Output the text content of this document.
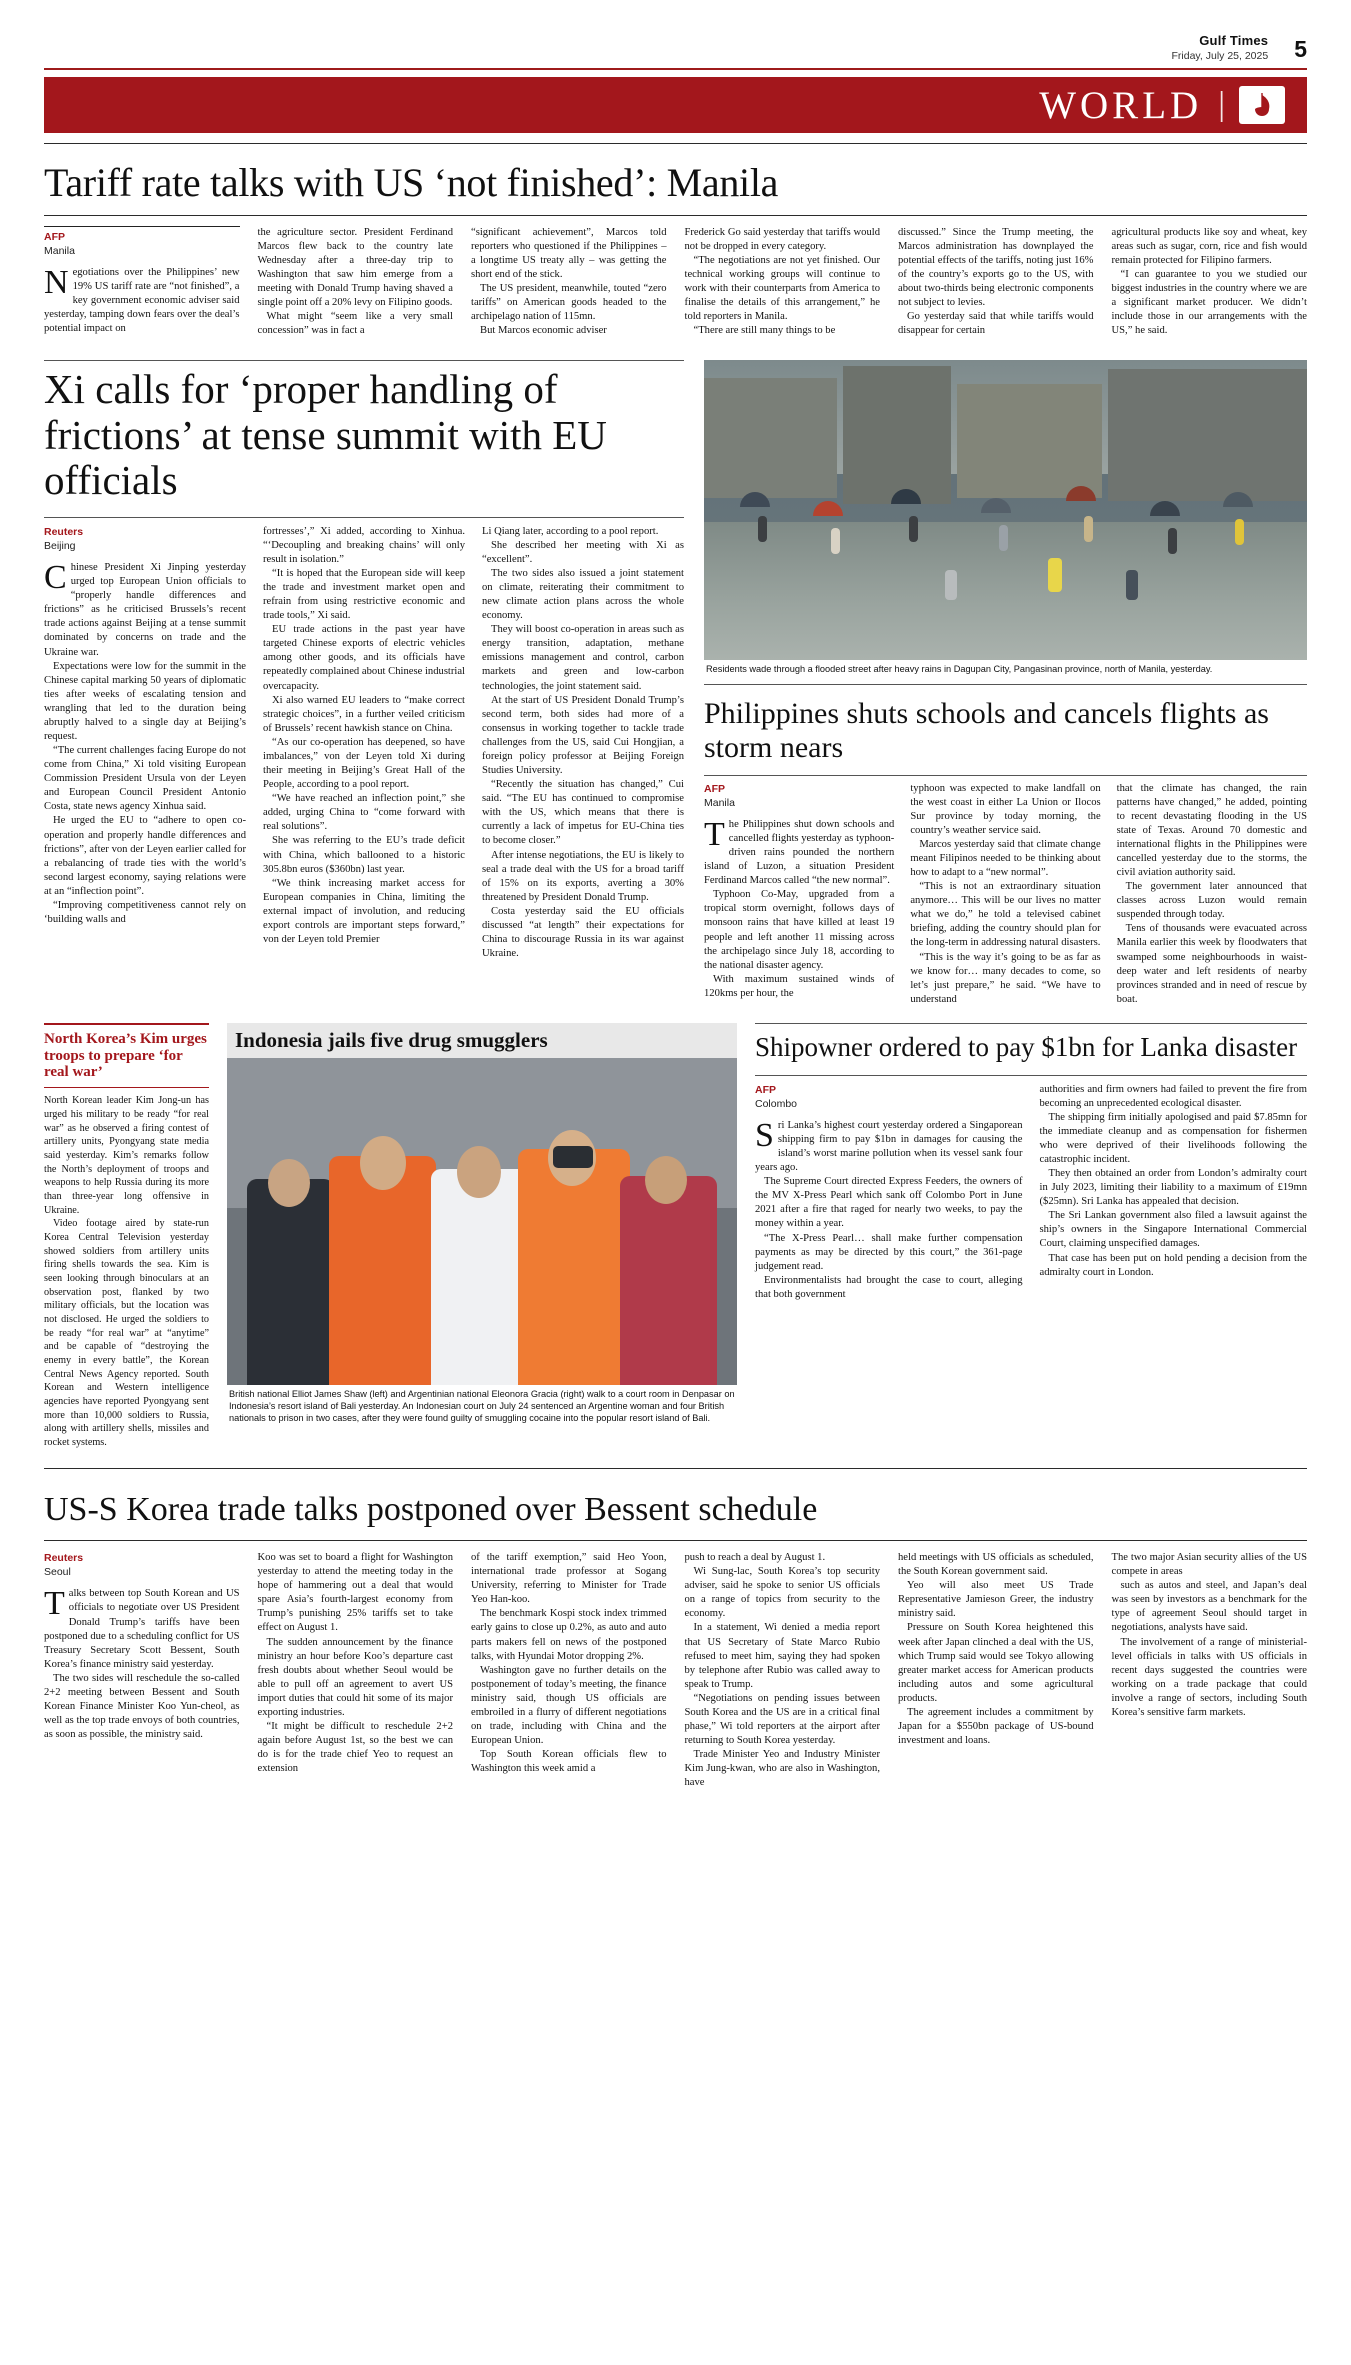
Gulf Times
Friday, July 25, 2025 5
WORLD |
Tariff rate talks with US ‘not finished’: Manila
AFP
Manila

Negotiations over the Philippines’ new 19% US tariff rate are “not finished”, a key government economic adviser said yesterday, tamping down fears over the deal’s potential impact on

the agriculture sector. President Ferdinand Marcos flew back to the country late Wednesday after a three-day trip to Washington that saw him emerge from a meeting with Donald Trump having shaved a single point off a 20% levy on Filipino goods.

What might “seem like a very small concession” was in fact a

“significant achievement”, Marcos told reporters who questioned if the Philippines – a longtime US treaty ally – was getting the short end of the stick.

The US president, meanwhile, touted “zero tariffs” on American goods headed to the archipelago nation of 115mn.

But Marcos economic adviser

Frederick Go said yesterday that tariffs would not be dropped in every category.

“The negotiations are not yet finished. Our technical working groups will continue to work with their counterparts from America to finalise the details of this arrangement,” he told reporters in Manila.

“There are still many things to be

discussed.” Since the Trump meeting, the Marcos administration has downplayed the potential effects of the tariffs, noting just 16% of the country’s exports go to the US, with about two-thirds being electronic components not subject to levies.

Go yesterday said that while tariffs would disappear for certain

agricultural products like soy and wheat, key areas such as sugar, corn, rice and fish would remain protected for Filipino farmers.

“I can guarantee to you we studied our biggest industries in the country where we are a significant market producer. We didn’t include those in our arrangements with the US,” he said.

Xi calls for ‘proper handling of frictions’ at tense summit with EU officials
Reuters
Beijing

Chinese President Xi Jinping yesterday urged top European Union officials to “properly handle differences and frictions” as he criticised Brussels’s recent trade actions against Beijing at a tense summit dominated by concerns on trade and the Ukraine war.

Expectations were low for the summit in the Chinese capital marking 50 years of diplomatic ties after weeks of escalating tension and wrangling that led to the duration being abruptly halved to a single day at Beijing’s request.

“The current challenges facing Europe do not come from China,” Xi told visiting European Commission President Ursula von der Leyen and European Council President Antonio Costa, state news agency Xinhua said.

He urged the EU to “adhere to open co-operation and properly handle differences and frictions”, after von der Leyen earlier called for a rebalancing of trade ties with the world’s second largest economy, saying relations were at an “inflection point”.

“Improving competitiveness cannot rely on ‘building walls and

fortresses’,” Xi added, according to Xinhua. “‘Decoupling and breaking chains’ will only result in isolation.”

“It is hoped that the European side will keep the trade and investment market open and refrain from using restrictive economic and trade tools,” Xi said.

EU trade actions in the past year have targeted Chinese exports of electric vehicles among other goods, and its officials have repeatedly complained about Chinese industrial overcapacity.

Xi also warned EU leaders to “make correct strategic choices”, in a further veiled criticism of Brussels’ recent hawkish stance on China.

“As our co-operation has deepened, so have imbalances,” von der Leyen told Xi during their meeting in Beijing’s Great Hall of the People, according to a pool report.

“We have reached an inflection point,” she added, urging China to “come forward with real solutions”.

She was referring to the EU’s trade deficit with China, which ballooned to a historic 305.8bn euros ($360bn) last year.

“We think increasing market access for European companies in China, limiting the external impact of involution, and reducing export controls are important steps forward,” von der Leyen told Premier

Li Qiang later, according to a pool report.

She described her meeting with Xi as “excellent”.

The two sides also issued a joint statement on climate, reiterating their commitment to new climate action plans across the whole economy.

They will boost co-operation in areas such as energy transition, adaptation, methane emissions management and control, carbon markets and green and low-carbon technologies, the joint statement said.

At the start of US President Donald Trump’s second term, both sides had more of a consensus in working together to tackle trade challenges from the US, said Cui Hongjian, a foreign policy professor at Beijing Foreign Studies University.

“Recently the situation has changed,” Cui said. “The EU has continued to compromise with the US, which means that there is currently a lack of impetus for EU-China ties to become closer.”

After intense negotiations, the EU is likely to seal a trade deal with the US for a broad tariff of 15% on its exports, averting a 30% threatened by President Donald Trump.

Costa yesterday said the EU officials discussed “at length” their expectations for China to discourage Russia in its war against Ukraine.

Residents wade through a flooded street after heavy rains in Dagupan City, Pangasinan province, north of Manila, yesterday.
Philippines shuts schools and cancels flights as storm nears
AFP
Manila

The Philippines shut down schools and cancelled flights yesterday as typhoon-driven rains pounded the northern island of Luzon, a situation President Ferdinand Marcos called “the new normal”.

Typhoon Co-May, upgraded from a tropical storm overnight, follows days of monsoon rains that have killed at least 19 people and left another 11 missing across the archipelago since July 18, according to the national disaster agency.

With maximum sustained winds of 120kms per hour, the

typhoon was expected to make landfall on the west coast in either La Union or Ilocos Sur province by today morning, the country’s weather service said.

Marcos yesterday said that climate change meant Filipinos needed to be thinking about how to adapt to a “new normal”.

“This is not an extraordinary situation anymore… This will be our lives no matter what we do,” he told a televised cabinet briefing, adding the country should plan for the long-term in addressing natural disasters.

“This is the way it’s going to be as far as we know for… many decades to come, so let’s just prepare,” he said. “We have to understand

that the climate has changed, the rain patterns have changed,” he added, pointing to recent devastating flooding in the US state of Texas. Around 70 domestic and international flights in the Philippines were cancelled yesterday due to the storms, the civil aviation authority said.

The government later announced that classes across Luzon would remain suspended through today.

Tens of thousands were evacuated across Manila earlier this week by floodwaters that swamped some neighbourhoods in waist-deep water and left residents of nearby provinces stranded and in need of rescue by boat.

North Korea’s Kim urges troops to prepare ‘for real war’

North Korean leader Kim Jong-un has urged his military to be ready “for real war” as he observed a firing contest of artillery units, Pyongyang state media said yesterday. Kim’s remarks follow the North’s deployment of troops and weapons to help Russia during its more than three-year long offensive in Ukraine.

Video footage aired by state-run Korea Central Television yesterday showed soldiers from artillery units firing shells towards the sea. Kim is seen looking through binoculars at an observation post, flanked by two military officials, but the location was not disclosed. He urged the soldiers to be ready “for real war” at “anytime” and be capable of “destroying the enemy in every battle”, the Korean Central News Agency reported. South Korean and Western intelligence agencies have reported Pyongyang sent more than 10,000 soldiers to Russia, along with artillery shells, missiles and rocket systems.

Indonesia jails five drug smugglers
British national Elliot James Shaw (left) and Argentinian national Eleonora Gracia (right) walk to a court room in Denpasar on Indonesia’s resort island of Bali yesterday. An Indonesian court on July 24 sentenced an Argentine woman and four British nationals to prison in two cases, after they were found guilty of smuggling cocaine into the popular resort island of Bali.
Shipowner ordered to pay $1bn for Lanka disaster
AFP
Colombo

Sri Lanka’s highest court yesterday ordered a Singaporean shipping firm to pay $1bn in damages for causing the island’s worst marine pollution when its vessel sank four years ago.

The Supreme Court directed Express Feeders, the owners of the MV X-Press Pearl which sank off Colombo Port in June 2021 after a fire that raged for nearly two weeks, to pay the money within a year.

“The X-Press Pearl… shall make further compensation payments as may be directed by this court,” the 361-page judgement read.

Environmentalists had brought the case to court, alleging that both government

authorities and firm owners had failed to prevent the fire from becoming an unprecedented ecological disaster.

The shipping firm initially apologised and paid $7.85mn for the immediate cleanup and as compensation for fishermen who were deprived of their livelihoods following the catastrophic incident.

They then obtained an order from London’s admiralty court in July 2023, limiting their liability to a maximum of £19mn ($25mn). Sri Lanka has appealed that decision.

The Sri Lankan government also filed a lawsuit against the ship’s owners in the Singapore International Commercial Court, claiming unspecified damages.

That case has been put on hold pending a decision from the admiralty court in London.

US-S Korea trade talks postponed over Bessent schedule
Reuters
Seoul

Talks between top South Korean and US officials to negotiate over US President Donald Trump’s tariffs have been postponed due to a scheduling conflict for US Treasury Secretary Scott Bessent, South Korea’s finance ministry said yesterday.

The two sides will reschedule the so-called 2+2 meeting between Bessent and South Korean Finance Minister Koo Yun-cheol, as well as the top trade envoys of both countries, as soon as possible, the ministry said.

Koo was set to board a flight for Washington yesterday to attend the meeting today in the hope of hammering out a deal that would spare Asia’s fourth-largest economy from Trump’s punishing 25% tariffs set to take effect on August 1.

The sudden announcement by the finance ministry an hour before Koo’s departure cast fresh doubts about whether Seoul would be able to pull off an agreement to avert US import duties that could hit some of its major exporting industries.

“It might be difficult to reschedule 2+2 again before August 1st, so the best we can do is for the trade chief Yeo to request an extension

of the tariff exemption,” said Heo Yoon, international trade professor at Sogang University, referring to Minister for Trade Yeo Han-koo.

The benchmark Kospi stock index trimmed early gains to close up 0.2%, as auto and auto parts makers fell on news of the postponed talks, with Hyundai Motor dropping 2%.

Washington gave no further details on the postponement of today’s meeting, the finance ministry said, though US officials are embroiled in a flurry of different negotiations on trade, including with China and the European Union.

Top South Korean officials flew to Washington this week amid a

push to reach a deal by August 1.

Wi Sung-lac, South Korea’s top security adviser, said he spoke to senior US officials on a range of topics from security to the economy.

In a statement, Wi denied a media report that US Secretary of State Marco Rubio refused to meet him, saying they had spoken by telephone after Rubio was called away to speak to Trump.

“Negotiations on pending issues between South Korea and the US are in a critical final phase,” Wi told reporters at the airport after returning to South Korea yesterday.

Trade Minister Yeo and Industry Minister Kim Jung-kwan, who are also in Washington, have

held meetings with US officials as scheduled, the South Korean government said.

Yeo will also meet US Trade Representative Jamieson Greer, the industry ministry said.

Pressure on South Korea heightened this week after Japan clinched a deal with the US, which Trump said would see Tokyo allowing greater market access for American products including autos and some agricultural products.

The agreement includes a commitment by Japan for a $550bn package of US-bound investment and loans.

The two major Asian security allies of the US compete in areas

such as autos and steel, and Japan’s deal was seen by investors as a benchmark for the type of agreement Seoul should target in negotiations, analysts have said.

The involvement of a range of ministerial-level officials in talks with US officials in recent days suggested the countries were working on a trade package that could involve a range of sectors, including South Korea’s sensitive farm markets.
